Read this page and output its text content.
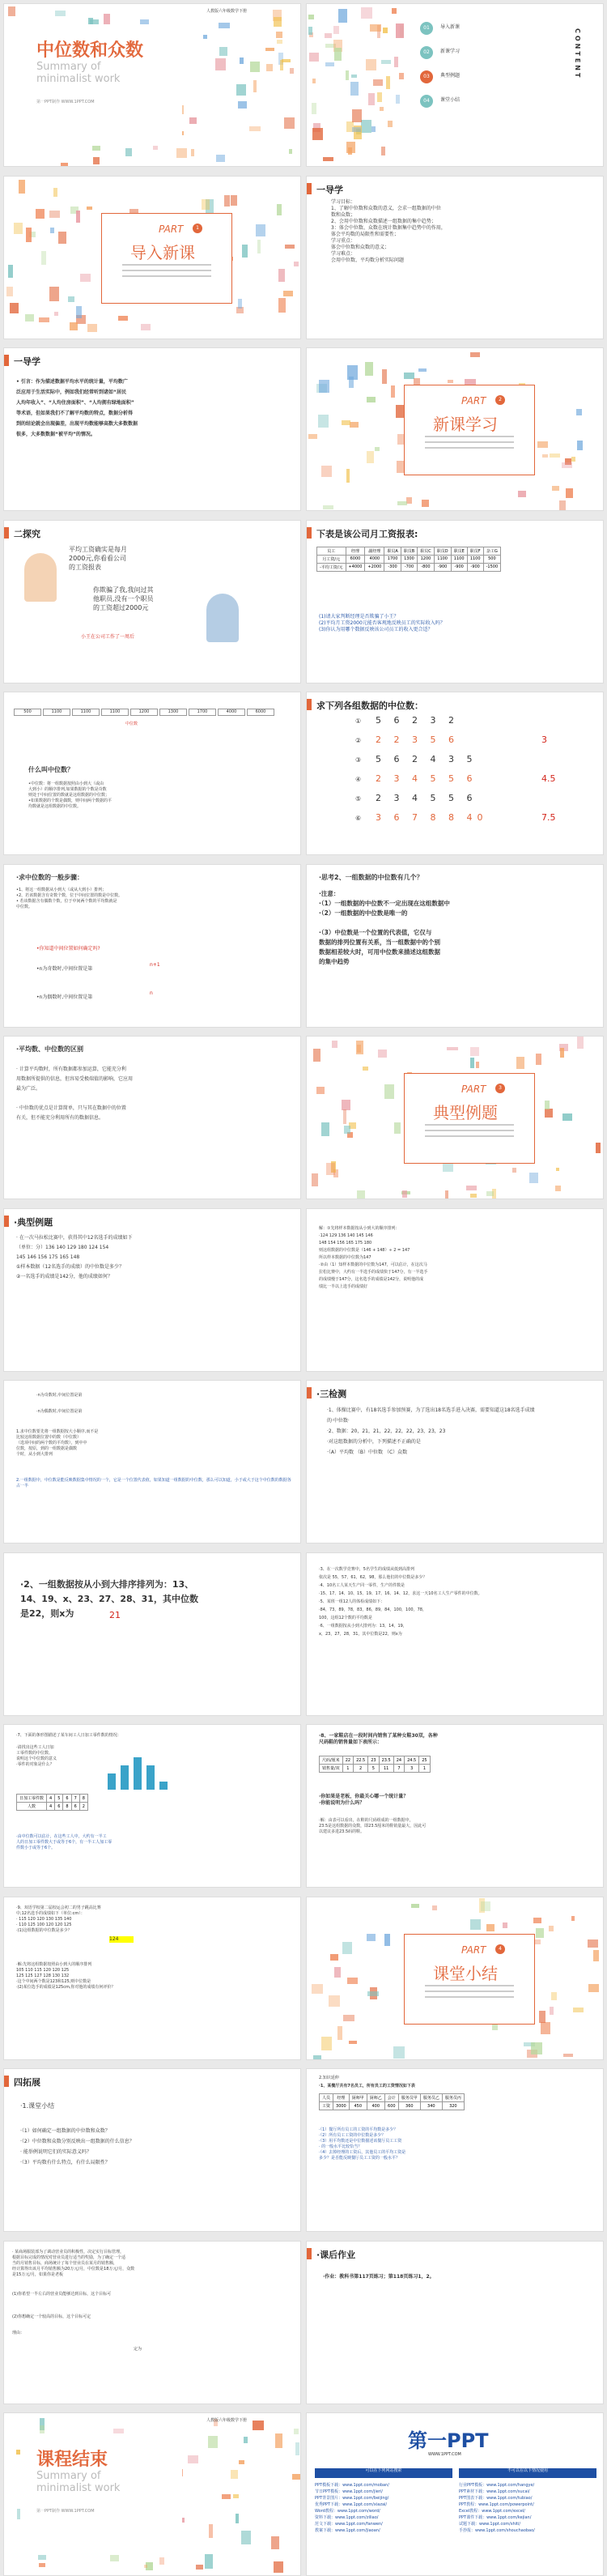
人教版六年级数学下册
中位数和众数
Summary of
minimalist work
第一PPT制作 WWW.1PPT.COM
01	导入新课
02	新课学习
03	典型例题
04	课堂小结
CONTENT
PART	1
导入新课
一导学
学习目标：
1、了解中位数和众数的意义，会求一组数据的中位
数和众数；
2、会用中位数和众数描述一组数据的集中趋势；
3：体会中位数、众数在统计数据集中趋势中的作用，
体会平均数的局限性和需要性；
学习重点：
体会中位数和众数的意义；
学习难点：
会用中位数、平均数分析实际问题
一导学
• 引言：作为描述数据平均水平的统计量，平均数广
泛应用于生活实际中，例如我们经常听到诸如“居民
人均年收入”、“人均住房面积”、“人均拥有绿地面积”
等术语，但如果我们不了解平均数的特点，数据分析得
到的结论就会出现偏差，出现平均数能够高数大多数数据
很多，大多数数据“被平均”的情况。
PART	2
新课学习
二探究
平均工资确实是每月
2000元,你看看公司
的工资报表
你欺骗了我,我问过其
他职员,没有一个职员
的工资超过2000元
小王在公司工作了一周后
下表是该公司月工资报表:
员工	经理	副经理	职员A	职员B	职员C	职员D	职员E	职员F	杂工G
月工资/元	6000	4000	1700	1300	1200	1100	1100	1100	500
-平均工资/元	+4000	+2000	-300	-700	-800	-900	-900	-900	-1500
(1)请大家判断经理是否欺骗了小王？
(2)平均月工资2000元能否客观地反映员工的实际收入吗？
(3)你认为用哪个数据反映该公司员工的收入更合适？
500	1100	1100	1100	1200	1300	1700	4000	6000
中位数
什么叫中位数？
•中位数：将一组数据按照由小到大（或由
大到小）的顺序排列,如果数据的个数是奇数
则处于中间位置的数就是这组数据的中位数；
•如果数据的个数是偶数，则中间两个数据的平
均数就是这组数据的中位数。
求下列各组数据的中位数：
①	5 6 2 3 2
②	2 2 3 5 6	3
③	5 6 2 4 3 5
④	2 3 4 5 5 6	4.5
⑤	2 3 4 5 5 6
⑥	3 6 7 8 8 40	7.5
·求中位数的一般步骤：
•1、将这一组数据从小到大（或从大到小）排列；
•2、若该数据含有奇数个数，位于中间位置的数是中位数。
• 若该数据含有偶数个数，位于中间两个数的平均数就是
中位数。
•你知道中间位置如何确定吗?
•n为奇数时,中间位置是第
n+1
•n为偶数时,中间位置是第
n
·思考2、一组数据的中位数有几个？
·注意：
·（1）一组数据的中位数不一定出现在这组数据中
·（2）一组数据的中位数是唯一的

·（3）中位数是一个位置的代表值，它仅与
数据的排列位置有关系，当一组数据中的个别
数据相差较大时，可用中位数来描述这组数据
的集中趋势
·平均数、中位数的区别
· 计算平均数时，所有数据都参加运算，它能充分利
用数据所提供的信息，但容易受极端值的影响，它应用
最为广泛。

· 中位数的优点是计算简单，只与其在数据中的位置
有关，但不能充分利用所有的数据信息。
PART	3
典型例题
·典型例题
· 在一次马拉松比赛中，获得其中12名选手的成绩如下
（单位：分）136 140 129 180 124 154
145 146 156 175 165 148
①样本数据（12名选手的成绩）的中位数是多少？
②一名选手的成绩是142分，他的成绩如何？
解：①先将样本数据按从小到大的顺序排列：
·124 129 136 140 145 146
148 154 156 165 175 180
则这组数据的中位数是（146 + 148）÷ 2 = 147
所以样本数据的中位数为147
·②由（1）知样本数据的中位数为147，可以估计，在这次马
拉松比赛中，大约有一半选手的成绩快于147分，有一半选手
的成绩慢于147分，这名选手的成绩是142分，说明他的成
绩比一半以上选手的成绩好
·n为奇数时,中间位置是第
·n为偶数时,中间位置是第
1.求中位数要先将一组数据按大小顺序,而不是
比较这组数据位置中的数（中位数）
（选项中间的两个数的平均数），到中中
位数，按原，到的一组数据是偶数
个时，从小到大排列
2.一组数据中，中位数是能反映数据集中情况的一个，它是一个位置代表值，如果知道一组数据的中位数，那么可以知道，小于或大于这个中位数的数据各占一半
·三检测
·1、体操比赛中，有18名选手参加预赛，为了选出18名选手进入决赛，需要知道这18名选手成绩
的·中位数·
·2、数据：20，21，21，22，22，22，23，23，23
·对这组数据的分析中，下列描述不正确的是
·（A）平均数 （B）中位数 （C）众数
·2、一组数据按从小到大排序排列为：13、
14、19、x、23、27、28、31，其中位数
是22，则x为	21
·3、在一次数学竞赛中，5名学生的成绩从低到高排列
依次是 55，57，61，62，98，那么他们的中位数是多少？
·4、10名工人某天生产同一零件，生产的件数是
·15、17、14、10、15、19、17、16、14、12，求这一天10名工人生产零件的中位数。
·5、某班一组12人的体检成绩如下：
·84，73，89，78，83，86，89，84，100，100，78，
100，这组12个数的平均数是
·6、一组数据按从小到大排列为：13，14，19，
x，23，27，28，31，其中位数是22，则x为
·7、下面的条形图描述了某车间工人日加工零件数的情况：
·请找出这些工人日加
工零件数的中位数、
说明这个中位数的意义
·零件的对象是什么？
日加工零件数	4	5	6	7	8
人数	4	6	8	6	2
·由中位数可以估计，在这些工人中，大约有一半工
人的日加工零件数大于或等于6个，有一半工人加工零
件数小于或等于6个。
·8、一家鞋店在一段时间内销售了某种女鞋30双，各种
尺码鞋的销售量如下表所示：
尺码/厘米	22	22.5	23	23.5	24	24.5	25
销售量/双	1	2	5	11	7	3	1
·你如果是老板，你最关心哪一个统计量？
·你能说明为什么吗？
·解：由表可以看出，在鞋的尺码组成的一组数据中，
23.5是这组数据的众数，即23.5厘米的鞋销量最大，因此可
以建议多进23.5码的鞋。
·9、双语学校第二届校运会初二的男子跳高比赛
中,12名选手的成绩如下（单位:cm）：
· 115 120 120 130 135 140
· 110 125 100 120 120 125
·(1)这组数据的中位数是多少？
124
·解:先将这组数据按照由小到大的顺序排列
105 110 115 120 120 125
125 125 127 128 130 132
·这个中间两个数是123和125,则中位数是
·(2)某位选手的成绩是125cm,你对他的成绩有何评价？
PART	4
课堂小结
四拓展
·1.课堂小结
·（1）如何确定一组数据的中位数和众数？
·（2）中位数和众数分别反映出一组数据的什么信息？
· 能举例说明它们的实际意义吗？
·（3）平均数有什么特点，有什么局限性？
2.知识延伸
·1、某餐厅共有7名员工，所有员工的工资情况如下表
人员	经理	厨师甲	厨师乙	会计	服务员甲	服务员乙	服务员丙
工资	3000	450	400	600	360	340	320
·（1）餐厅所有员工的工资的平均数是多少？
·（2）所有员工工资的中位数是多少？
·（3）用平均数还是中位数描述该餐厅员工工资
· 的一般水平比较恰当？
·（4）去掉经理的工资后，其他员工的平均工资是
多少？是否能反映餐厅员工工资的一般水平？
· 某商场服装部为了调动营业员的积极性，决定实行目标管理，
根据目标完成的情况对营业员进行适当的奖励，为了确定一个适
当的月销售目标，商场统计了每个营业员在某月的销售额，
经计算得出该月平均销售额为20万元/月，中位数是18万元/月，众数
是15万元/月，如果你是老板
(1)你希望一半左右的营业员能够达到目标，这个目标可
(2)你想确定一个较高的目标，这个目标可定
理由：
定为
·课后作业
·作业：教科书第117页练习；第118页练习1，2。
人教版六年级数学下册
课程结束
Summary of
minimalist work
第一PPT制作 WWW.1PPT.COM
第一PPT
WWW.1PPT.COM
可以在下列网站搜索	不可以在以下情况使用
PPT模板下载：www.1ppt.com/moban/
节日PPT模板：www.1ppt.com/jieri/
PPT背景图片：www.1ppt.com/beijing/
优秀PPT下载：www.1ppt.com/xiazai/
Word教程：www.1ppt.com/word/
资料下载：www.1ppt.com/ziliao/
范文下载：www.1ppt.com/fanwen/
教案下载：www.1ppt.com/jiaoan/
行业PPT模板：www.1ppt.com/hangye/
PPT素材下载：www.1ppt.com/sucai/
PPT图表下载：www.1ppt.com/tubiao/
PPT教程：www.1ppt.com/powerpoint/
Excel教程：www.1ppt.com/excel/
PPT课件下载：www.1ppt.com/kejian/
试题下载：www.1ppt.com/shiti/
手抄报：www.1ppt.com/shouchaobao/
